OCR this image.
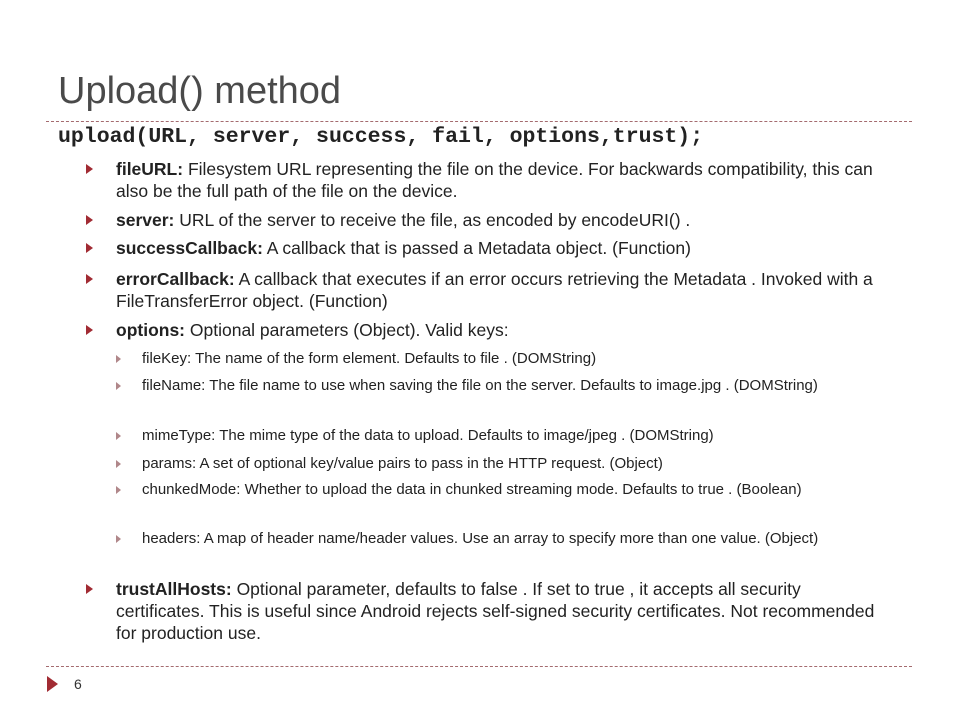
Upload() method
upload(URL, server, success, fail, options,trust);
fileURL: Filesystem URL representing the file on the device. For backwards compatibility, this can also be the full path of the file on the device.
server: URL of the server to receive the file, as encoded by encodeURI() .
successCallback: A callback that is passed a Metadata object. (Function)
errorCallback: A callback that executes if an error occurs retrieving the Metadata . Invoked with a FileTransferError object. (Function)
options: Optional parameters (Object). Valid keys:
fileKey: The name of the form element. Defaults to file . (DOMString)
fileName: The file name to use when saving the file on the server. Defaults to image.jpg . (DOMString)
mimeType: The mime type of the data to upload. Defaults to image/jpeg . (DOMString)
params: A set of optional key/value pairs to pass in the HTTP request. (Object)
chunkedMode: Whether to upload the data in chunked streaming mode. Defaults to true . (Boolean)
headers: A map of header name/header values. Use an array to specify more than one value. (Object)
trustAllHosts: Optional parameter, defaults to false . If set to true , it accepts all security certificates. This is useful since Android rejects self-signed security certificates. Not recommended for production use.
6
